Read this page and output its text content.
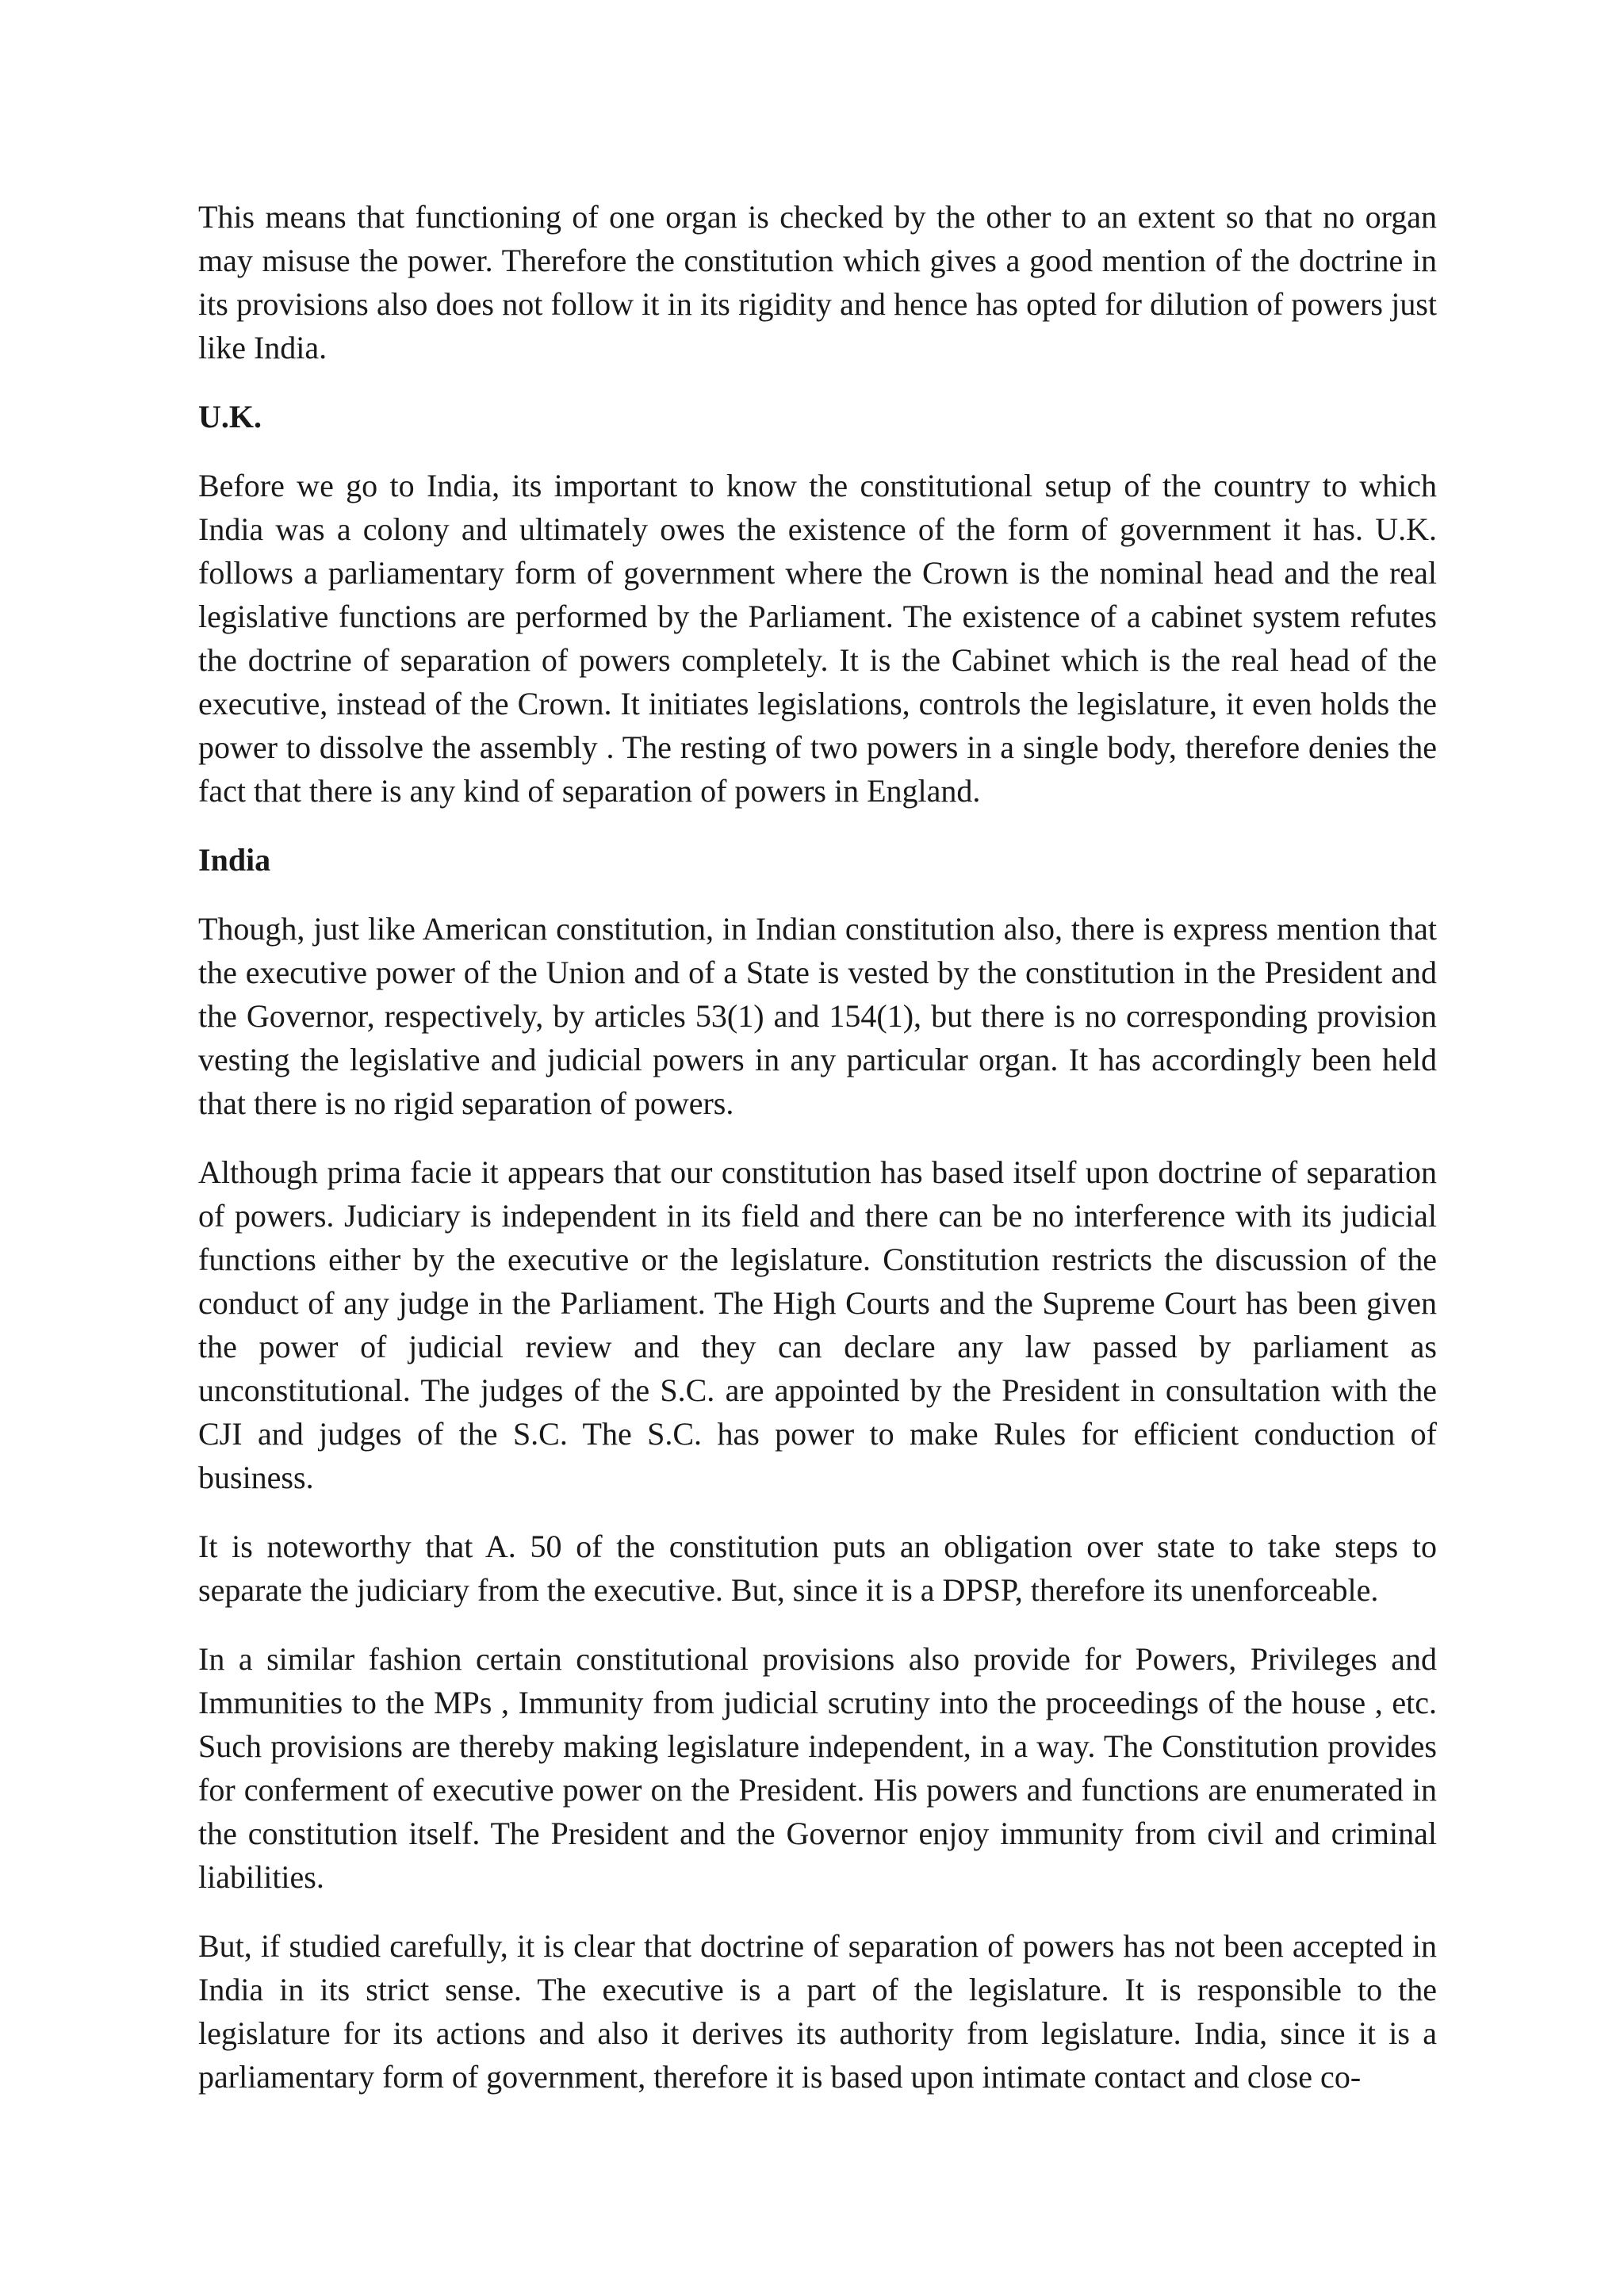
This means that functioning of one organ is checked by the other to an extent so that no organ may misuse the power. Therefore the constitution which gives a good mention of the doctrine in its provisions also does not follow it in its rigidity and hence has opted for dilution of powers just like India.

U.K.

Before we go to India, its important to know the constitutional setup of the country to which India was a colony and ultimately owes the existence of the form of government it has. U.K. follows a parliamentary form of government where the Crown is the nominal head and the real legislative functions are performed by the Parliament. The existence of a cabinet system refutes the doctrine of separation of powers completely. It is the Cabinet which is the real head of the executive, instead of the Crown. It initiates legislations, controls the legislature, it even holds the power to dissolve the assembly . The resting of two powers in a single body, therefore denies the fact that there is any kind of separation of powers in England.

India

Though, just like American constitution, in Indian constitution also, there is express mention that the executive power of the Union and of a State is vested by the constitution in the President and the Governor, respectively, by articles 53(1) and 154(1), but there is no corresponding provision vesting the legislative and judicial powers in any particular organ. It has accordingly been held that there is no rigid separation of powers.

Although prima facie it appears that our constitution has based itself upon doctrine of separation of powers. Judiciary is independent in its field and there can be no interference with its judicial functions either by the executive or the legislature. Constitution restricts the discussion of the conduct of any judge in the Parliament. The High Courts and the Supreme Court has been given the power of judicial review and they can declare any law passed by parliament as unconstitutional. The judges of the S.C. are appointed by the President in consultation with the CJI and judges of the S.C. The S.C. has power to make Rules for efficient conduction of business.

It is noteworthy that A. 50 of the constitution puts an obligation over state to take steps to separate the judiciary from the executive. But, since it is a DPSP, therefore its unenforceable.

In a similar fashion certain constitutional provisions also provide for Powers, Privileges and Immunities to the MPs , Immunity from judicial scrutiny into the proceedings of the house , etc. Such provisions are thereby making legislature independent, in a way. The Constitution provides for conferment of executive power on the President. His powers and functions are enumerated in the constitution itself. The President and the Governor enjoy immunity from civil and criminal liabilities.

But, if studied carefully, it is clear that doctrine of separation of powers has not been accepted in India in its strict sense. The executive is a part of the legislature. It is responsible to the legislature for its actions and also it derives its authority from legislature. India, since it is a parliamentary form of government, therefore it is based upon intimate contact and close co-
